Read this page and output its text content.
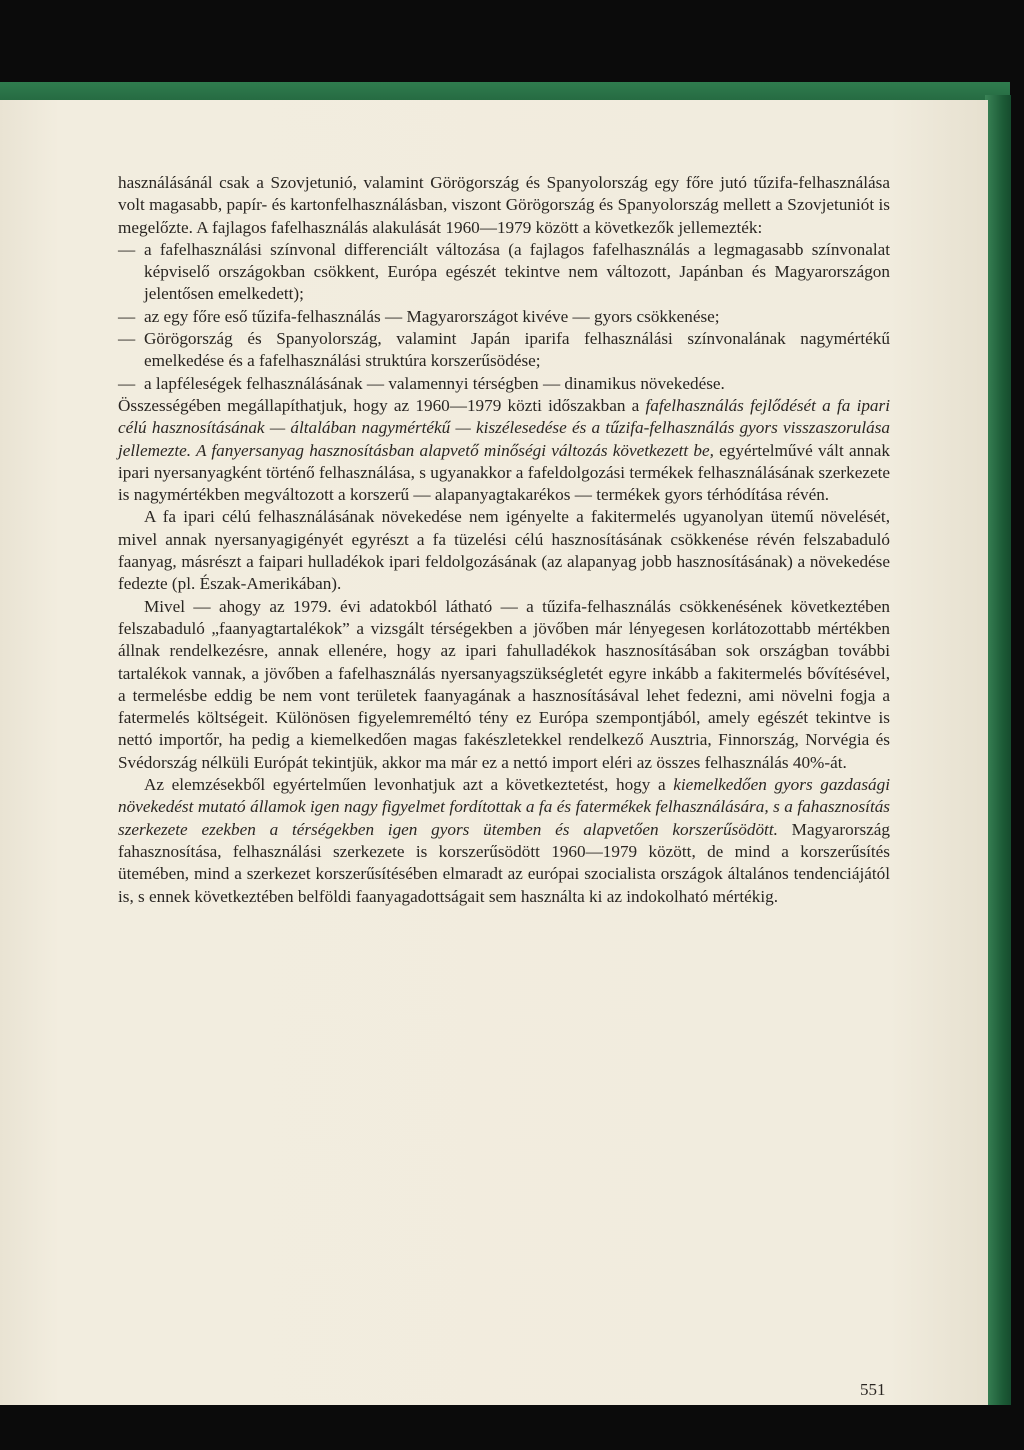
használásánál csak a Szovjetunió, valamint Görögország és Spanyolország egy főre jutó tűzifa-felhasználása volt magasabb, papír- és kartonfelhasználásban, viszont Görögország és Spanyolország mellett a Szovjetuniót is megelőzte. A fajlagos fafelhasználás alakulását 1960—1979 között a következők jellemezték:

— a fafelhasználási színvonal differenciált változása (a fajlagos fafelhasználás a legmagasabb színvonalat képviselő országokban csökkent, Európa egészét tekintve nem változott, Japánban és Magyarországon jelentősen emelkedett);

— az egy főre eső tűzifa-felhasználás — Magyarországot kivéve — gyors csökkenése;

— Görögország és Spanyolország, valamint Japán iparifa felhasználási színvonalának nagymértékű emelkedése és a fafelhasználási struktúra korszerűsödése;

— a lapféleségek felhasználásának — valamennyi térségben — dinamikus növekedése.

Összességében megállapíthatjuk, hogy az 1960—1979 közti időszakban a fafelhasználás fejlődését a fa ipari célú hasznosításának — általában nagymértékű — kiszélesedése és a tűzifa-felhasználás gyors visszaszorulása jellemezte. A fanyersanyag hasznosításban alapvető minőségi változás következett be, egyértelművé vált annak ipari nyersanyagként történő felhasználása, s ugyanakkor a fafeldolgozási termékek felhasználásának szerkezete is nagymértékben megváltozott a korszerű — alapanyagtakarékos — termékek gyors térhódítása révén.

A fa ipari célú felhasználásának növekedése nem igényelte a fakitermelés ugyanolyan ütemű növelését, mivel annak nyersanyagigényét egyrészt a fa tüzelési célú hasznosításának csökkenése révén felszabaduló faanyag, másrészt a faipari hulladékok ipari feldolgozásának (az alapanyag jobb hasznosításának) a növekedése fedezte (pl. Észak-Amerikában).

Mivel — ahogy az 1979. évi adatokból látható — a tűzifa-felhasználás csökkenésének következtében felszabaduló „faanyagtartalékok” a vizsgált térségekben a jövőben már lényegesen korlátozottabb mértékben állnak rendelkezésre, annak ellenére, hogy az ipari fahulladékok hasznosításában sok országban további tartalékok vannak, a jövőben a fafelhasználás nyersanyagszükségletét egyre inkább a fakitermelés bővítésével, a termelésbe eddig be nem vont területek faanyagának a hasznosításával lehet fedezni, ami növelni fogja a fatermelés költségeit. Különösen figyelemreméltó tény ez Európa szempontjából, amely egészét tekintve is nettó importőr, ha pedig a kiemelkedően magas fakészletekkel rendelkező Ausztria, Finnország, Norvégia és Svédország nélküli Európát tekintjük, akkor ma már ez a nettó import eléri az összes felhasználás 40%-át.

Az elemzésekből egyértelműen levonhatjuk azt a következtetést, hogy a kiemelkedően gyors gazdasági növekedést mutató államok igen nagy figyelmet fordítottak a fa és fatermékek felhasználására, s a fahasznosítás szerkezete ezekben a térségekben igen gyors ütemben és alapvetően korszerűsödött. Magyarország fahasznosítása, felhasználási szerkezete is korszerűsödött 1960—1979 között, de mind a korszerűsítés ütemében, mind a szerkezet korszerűsítésében elmaradt az európai szocialista országok általános tendenciájától is, s ennek következtében belföldi faanyagadottságait sem használta ki az indokolható mértékig.

551
